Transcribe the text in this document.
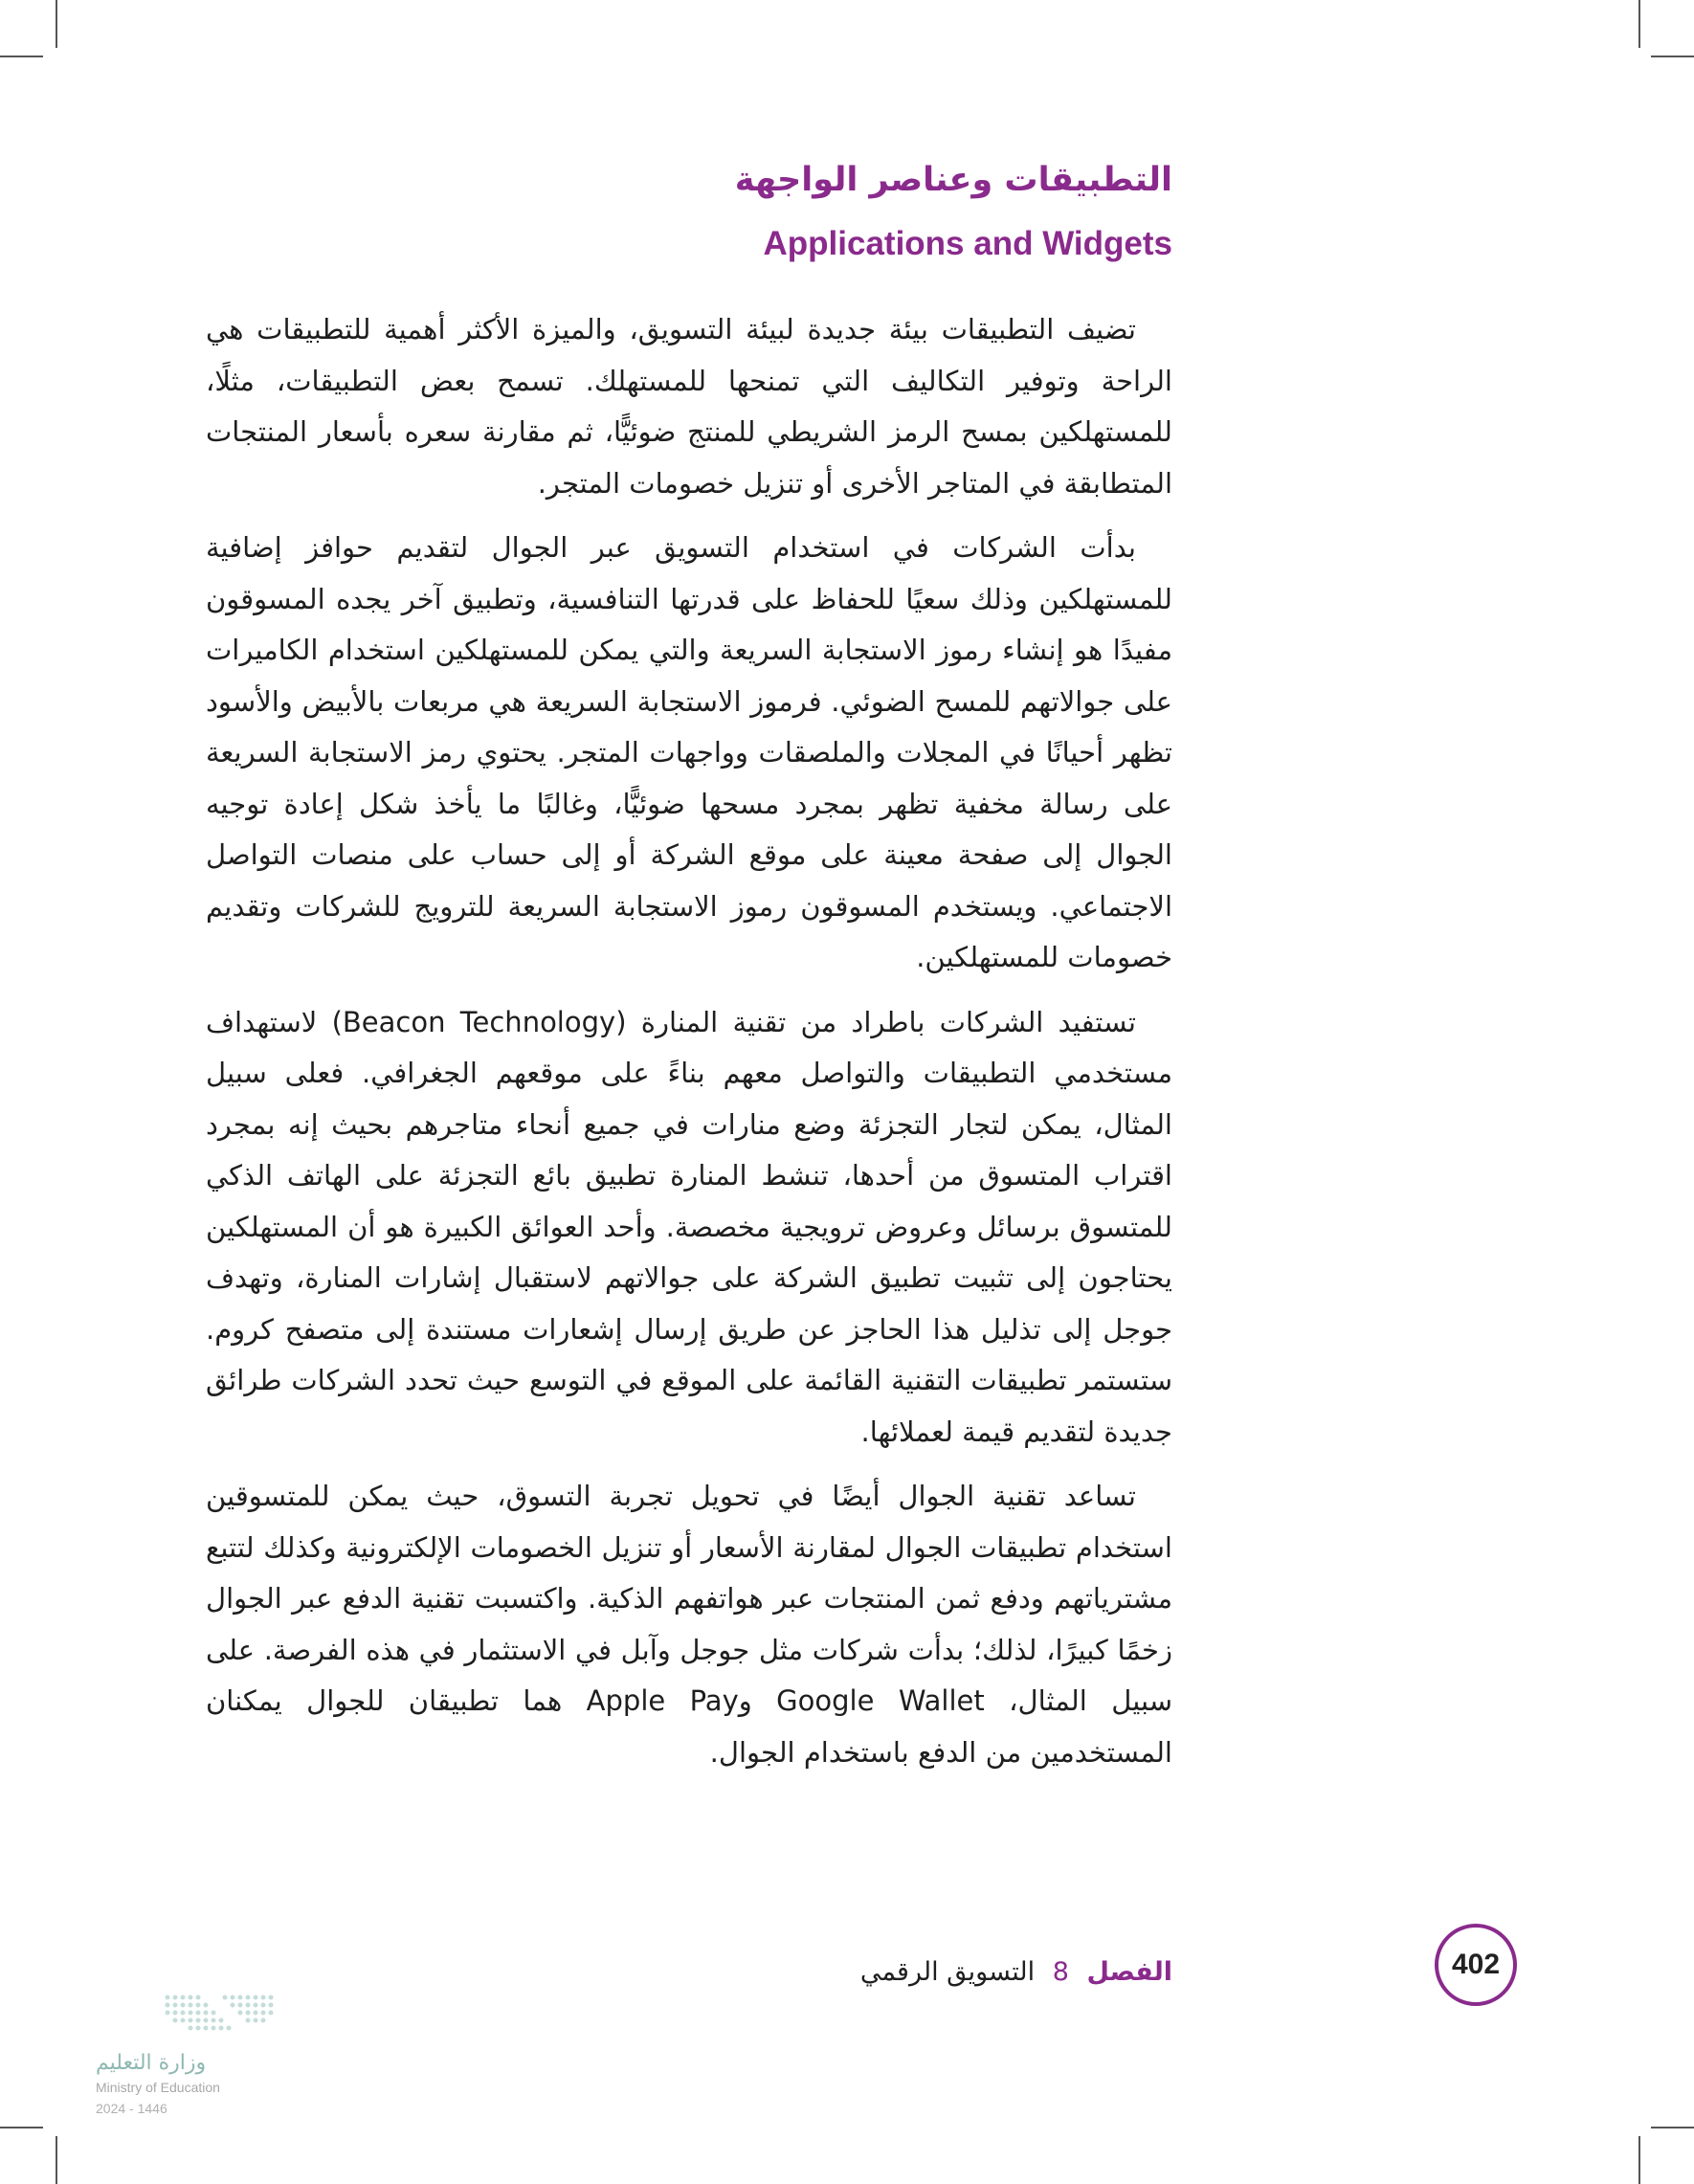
التطبيقات وعناصر الواجهة
Applications and Widgets

تضيف التطبيقات بيئة جديدة لبيئة التسويق، والميزة الأكثر أهمية للتطبيقات هي الراحة وتوفير التكاليف التي تمنحها للمستهلك. تسمح بعض التطبيقات، مثلًا، للمستهلكين بمسح الرمز الشريطي للمنتج ضوئيًّا، ثم مقارنة سعره بأسعار المنتجات المتطابقة في المتاجر الأخرى أو تنزيل خصومات المتجر.

بدأت الشركات في استخدام التسويق عبر الجوال لتقديم حوافز إضافية للمستهلكين وذلك سعيًا للحفاظ على قدرتها التنافسية، وتطبيق آخر يجده المسوقون مفيدًا هو إنشاء رموز الاستجابة السريعة والتي يمكن للمستهلكين استخدام الكاميرات على جوالاتهم للمسح الضوئي. فرموز الاستجابة السريعة هي مربعات بالأبيض والأسود تظهر أحيانًا في المجلات والملصقات وواجهات المتجر. يحتوي رمز الاستجابة السريعة على رسالة مخفية تظهر بمجرد مسحها ضوئيًّا، وغالبًا ما يأخذ شكل إعادة توجيه الجوال إلى صفحة معينة على موقع الشركة أو إلى حساب على منصات التواصل الاجتماعي. ويستخدم المسوقون رموز الاستجابة السريعة للترويج للشركات وتقديم خصومات للمستهلكين.

تستفيد الشركات باطراد من تقنية المنارة (Beacon Technology) لاستهداف مستخدمي التطبيقات والتواصل معهم بناءً على موقعهم الجغرافي. فعلى سبيل المثال، يمكن لتجار التجزئة وضع منارات في جميع أنحاء متاجرهم بحيث إنه بمجرد اقتراب المتسوق من أحدها، تنشط المنارة تطبيق بائع التجزئة على الهاتف الذكي للمتسوق برسائل وعروض ترويجية مخصصة. وأحد العوائق الكبيرة هو أن المستهلكين يحتاجون إلى تثبيت تطبيق الشركة على جوالاتهم لاستقبال إشارات المنارة، وتهدف جوجل إلى تذليل هذا الحاجز عن طريق إرسال إشعارات مستندة إلى متصفح كروم. ستستمر تطبيقات التقنية القائمة على الموقع في التوسع حيث تحدد الشركات طرائق جديدة لتقديم قيمة لعملائها.

تساعد تقنية الجوال أيضًا في تحويل تجربة التسوق، حيث يمكن للمتسوقين استخدام تطبيقات الجوال لمقارنة الأسعار أو تنزيل الخصومات الإلكترونية وكذلك لتتبع مشترياتهم ودفع ثمن المنتجات عبر هواتفهم الذكية. واكتسبت تقنية الدفع عبر الجوال زخمًا كبيرًا، لذلك؛ بدأت شركات مثل جوجل وآبل في الاستثمار في هذه الفرصة. على سبيل المثال، Google Wallet وApple Pay هما تطبيقان للجوال يمكنان المستخدمين من الدفع باستخدام الجوال.

الفصل 8 التسويق الرقمي	402
وزارة التعليم
Ministry of Education
2024 - 1446
